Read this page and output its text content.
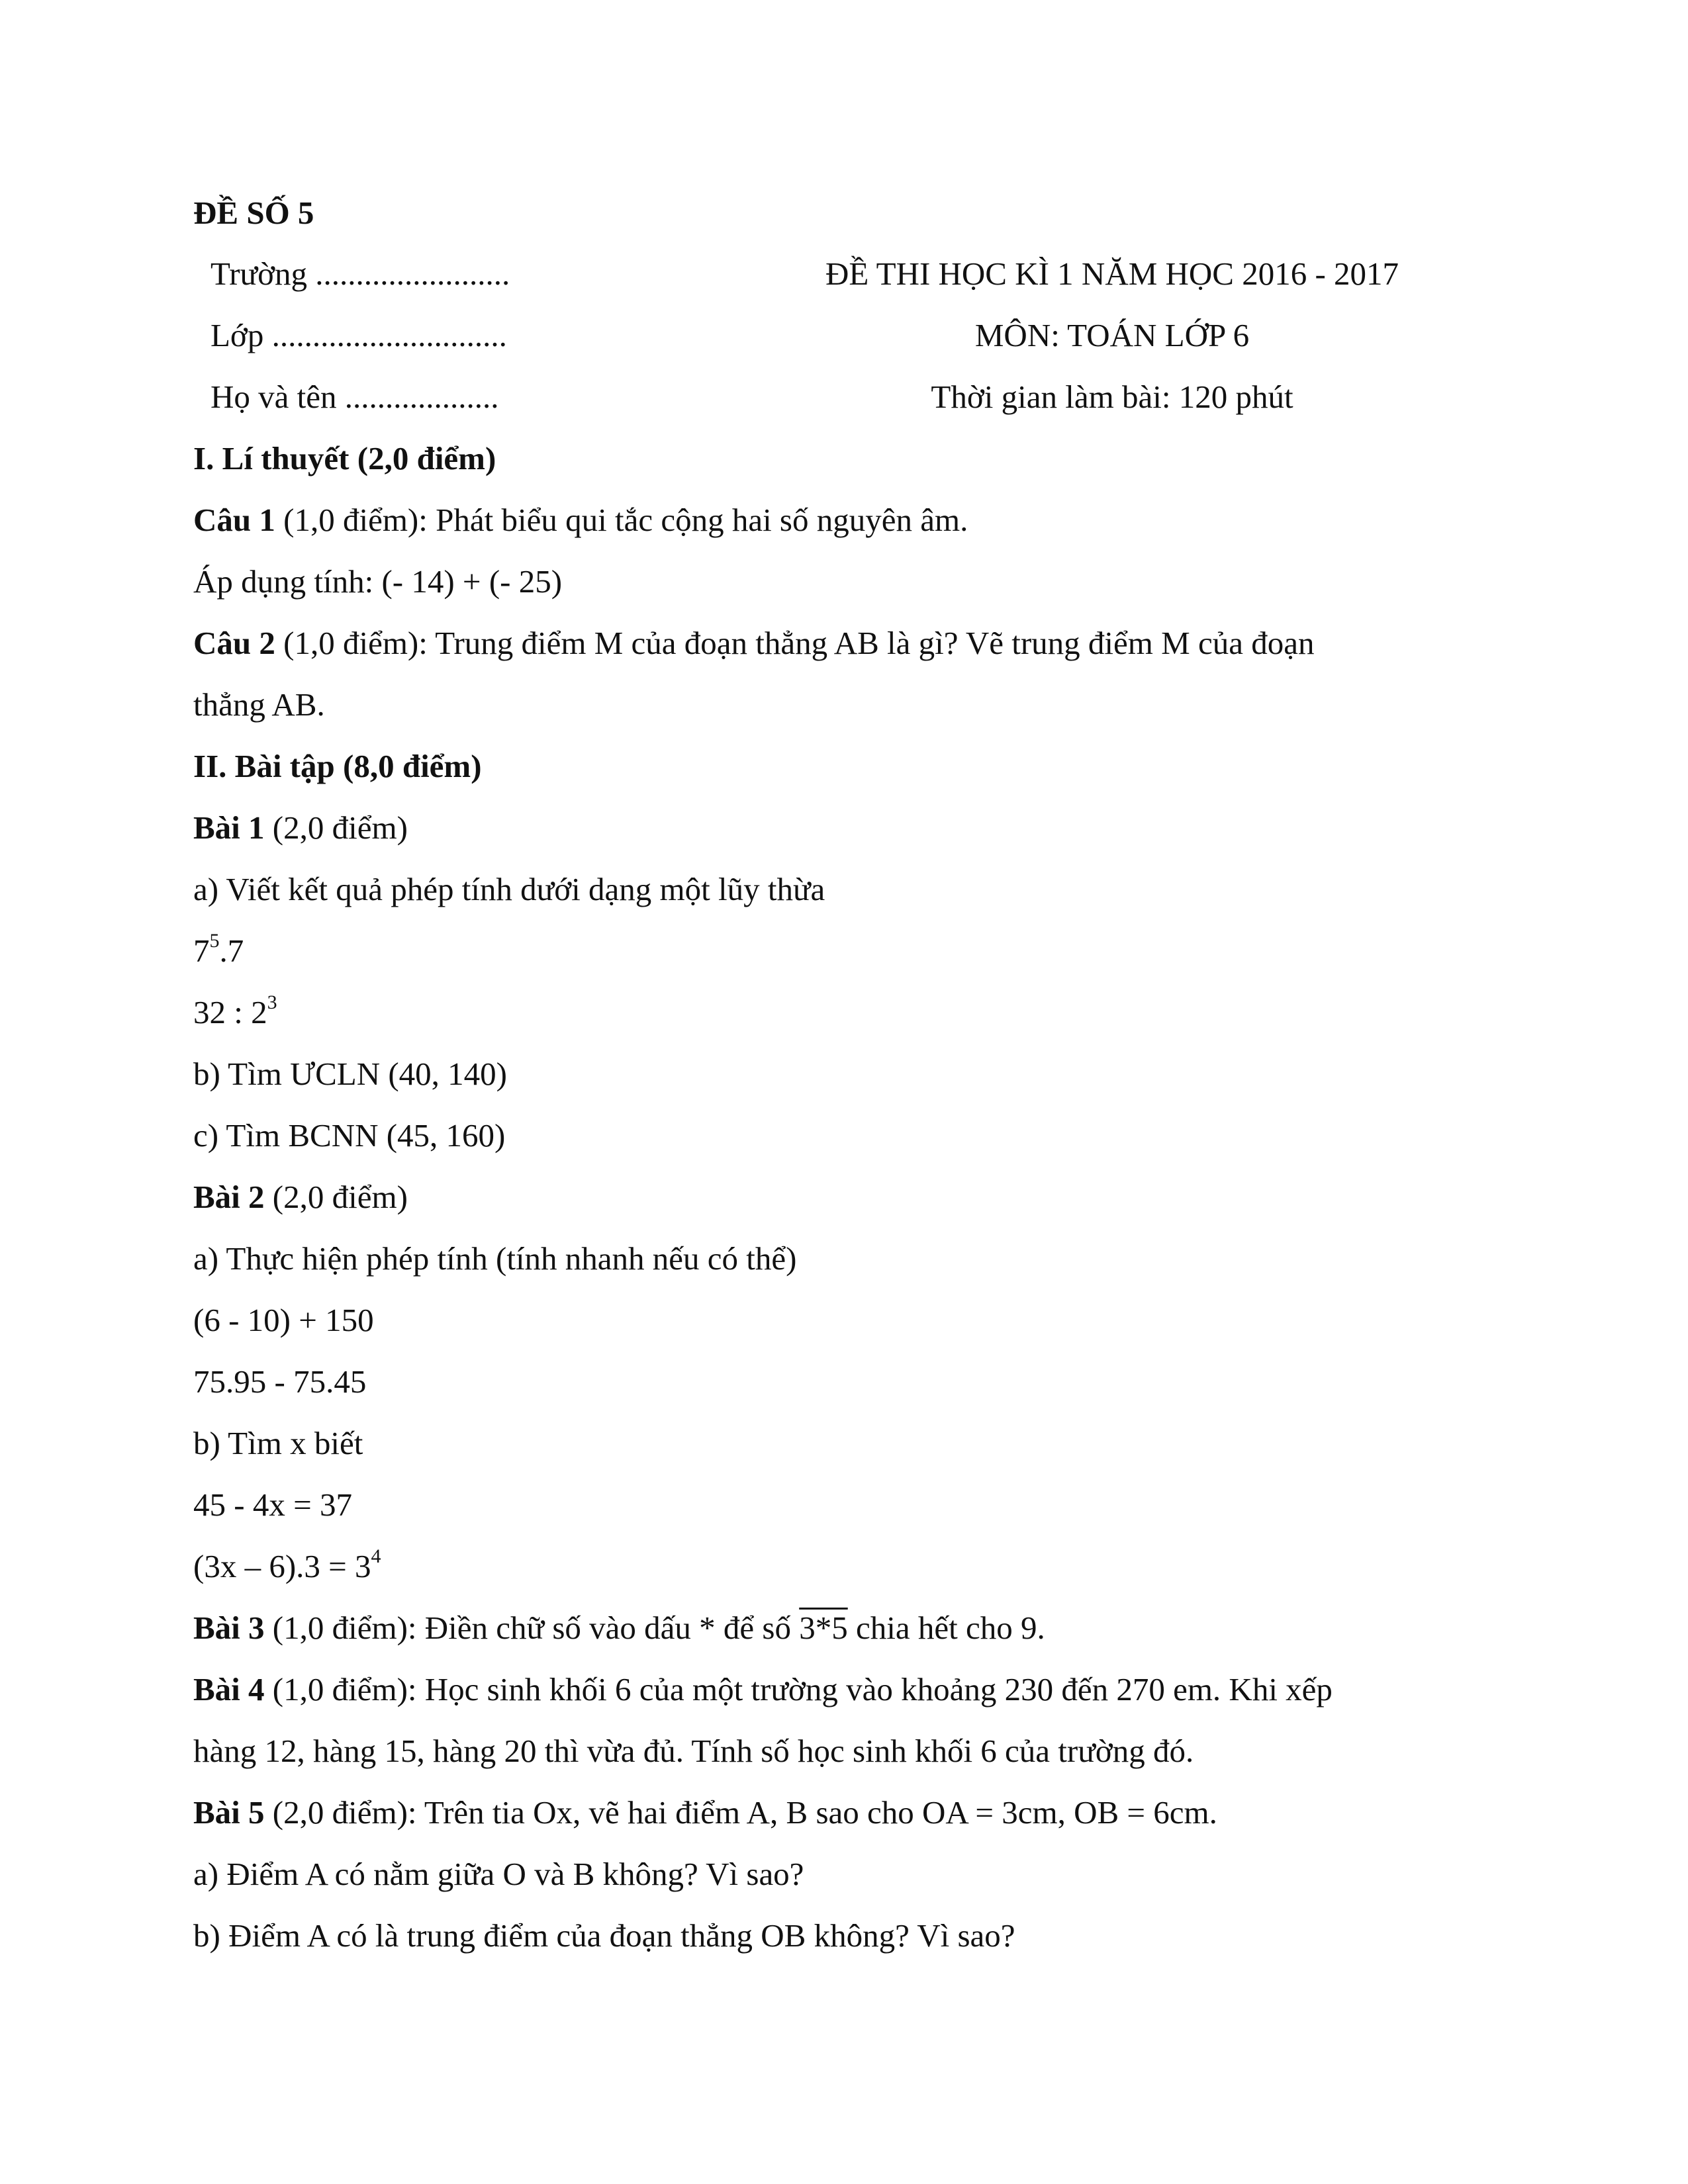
ĐỀ SỐ 5

Trường ........................	ĐỀ THI HỌC KÌ 1 NĂM HỌC 2016 - 2017
Lớp .............................	MÔN: TOÁN LỚP 6
Họ và tên ...................	Thời gian làm bài: 120 phút

I. Lí thuyết (2,0 điểm)

Câu 1 (1,0 điểm): Phát biểu qui tắc cộng hai số nguyên âm.

Áp dụng tính: (- 14) + (- 25)

Câu 2 (1,0 điểm): Trung điểm M của đoạn thẳng AB là gì? Vẽ trung điểm M của đoạn

thẳng AB.

II. Bài tập (8,0 điểm)

Bài 1 (2,0 điểm)

a) Viết kết quả phép tính dưới dạng một lũy thừa

$7^5.7$

32 : $2^3$

b) Tìm ƯCLN (40, 140)

c) Tìm BCNN (45, 160)

Bài 2 (2,0 điểm)

a) Thực hiện phép tính (tính nhanh nếu có thể)

(6 - 10) + 150

75.95 - 75.45

b) Tìm x biết

45 - 4x = 37

$(3x - 6).3 = 3^4$

Bài 3 (1,0 điểm): Điền chữ số vào dấu * để số 3*5 chia hết cho 9.

Bài 4 (1,0 điểm): Học sinh khối 6 của một trường vào khoảng 230 đến 270 em. Khi xếp

hàng 12, hàng 15, hàng 20 thì vừa đủ. Tính số học sinh khối 6 của trường đó.

Bài 5 (2,0 điểm): Trên tia Ox, vẽ hai điểm A, B sao cho OA = 3cm, OB = 6cm.

a) Điểm A có nằm giữa O và B không? Vì sao?

b) Điểm A có là trung điểm của đoạn thẳng OB không? Vì sao?
